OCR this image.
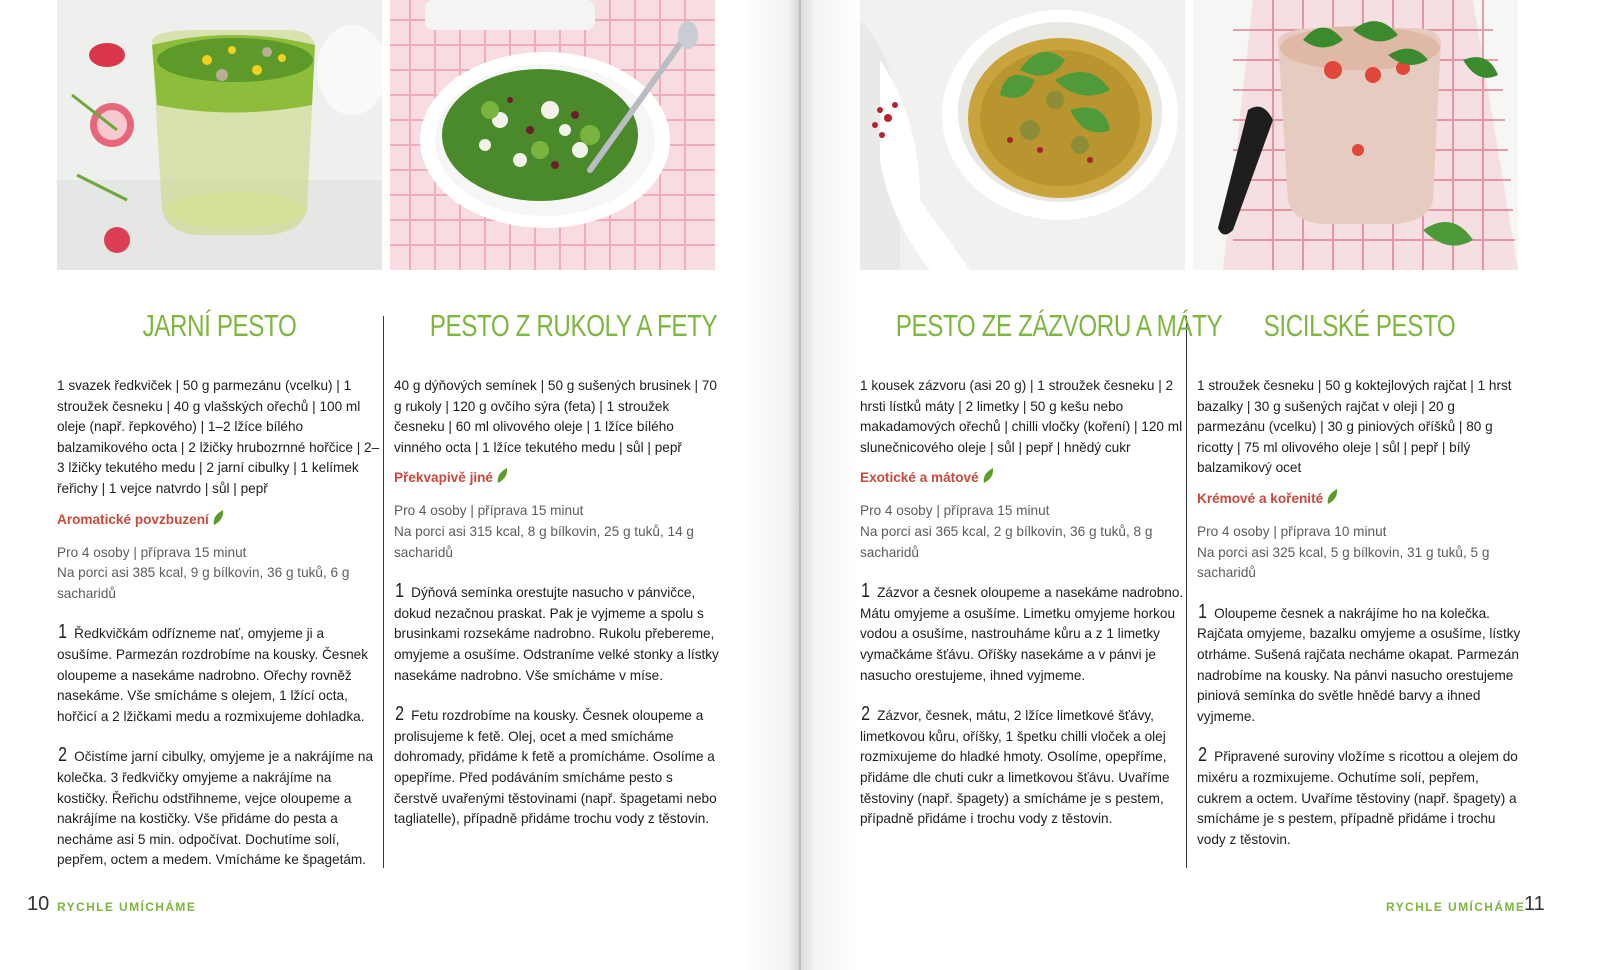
JARNÍ PESTO

1 svazek ředkviček | 50 g parmezánu (vcelku) | 1 stroužek česneku | 40 g vlašských ořechů | 100 ml oleje (např. řepkového) | 1–2 lžíce bílého balzamikového octa | 2 lžičky hrubozrnné hořčice | 2–3 lžičky tekutého medu | 2 jarní cibulky | 1 kelímek řeřichy | 1 vejce natvrdo | sůl | pepř

Aromatické povzbuzení

Pro 4 osoby | příprava 15 minut
Na porci asi 385 kcal, 9 g bílkovin, 36 g tuků, 6 g sacharidů

1 Ředkvičkám odřízneme nať, omyjeme ji a osušíme. Parmezán rozdrobíme na kousky. Česnek oloupeme a nasekáme nadrobno. Ořechy rovněž nasekáme. Vše smícháme s olejem, 1 lžící octa, hořčicí a 2 lžičkami medu a rozmixujeme dohladka.

2 Očistíme jarní cibulky, omyjeme je a nakrájíme na kolečka. 3 ředkvičky omyjeme a nakrájíme na kostičky. Řeřichu odstřihneme, vejce oloupeme a nakrájíme na kostičky. Vše přidáme do pesta a necháme asi 5 min. odpočívat. Dochutíme solí, pepřem, octem a medem. Vmícháme ke špagetám.

PESTO Z RUKOLY A FETY

40 g dýňových semínek | 50 g sušených brusinek | 70 g rukoly | 120 g ovčího sýra (feta) | 1 stroužek česneku | 60 ml olivového oleje | 1 lžíce bílého vinného octa | 1 lžíce tekutého medu | sůl | pepř

Překvapivě jiné

Pro 4 osoby | příprava 15 minut
Na porci asi 315 kcal, 8 g bílkovin, 25 g tuků, 14 g sacharidů

1 Dýňová semínka orestujte nasucho v pánvičce, dokud nezačnou praskat. Pak je vyjmeme a spolu s brusinkami rozsekáme nadrobno. Rukolu přebereme, omyjeme a osušíme. Odstraníme velké stonky a lístky nasekáme nadrobno. Vše smícháme v míse.

2 Fetu rozdrobíme na kousky. Česnek oloupeme a prolisujeme k fetě. Olej, ocet a med smícháme dohromady, přidáme k fetě a promícháme. Osolíme a opepříme. Před podáváním smícháme pesto s čerstvě uvařenými těstovinami (např. špagetami nebo tagliatelle), případně přidáme trochu vody z těstovin.

PESTO ZE ZÁZVORU A MÁTY

1 kousek zázvoru (asi 20 g) | 1 stroužek česneku | 2 hrsti lístků máty | 2 limetky | 50 g kešu nebo makadamových ořechů | chilli vločky (koření) | 120 ml slunečnicového oleje | sůl | pepř | hnědý cukr

Exotické a mátové

Pro 4 osoby | příprava 15 minut
Na porci asi 365 kcal, 2 g bílkovin, 36 g tuků, 8 g sacharidů

1 Zázvor a česnek oloupeme a nasekáme nadrobno. Mátu omyjeme a osušíme. Limetku omyjeme horkou vodou a osušíme, nastrouháme kůru a z 1 limetky vymačkáme šťávu. Oříšky nasekáme a v pánvi je nasucho orestujeme, ihned vyjmeme.

2 Zázvor, česnek, mátu, 2 lžíce limetkové šťávy, limetkovou kůru, oříšky, 1 špetku chilli vloček a olej rozmixujeme do hladké hmoty. Osolíme, opepříme, přidáme dle chuti cukr a limetkovou šťávu. Uvaříme těstoviny (např. špagety) a smícháme je s pestem, případně přidáme i trochu vody z těstovin.

SICILSKÉ PESTO

1 stroužek česneku | 50 g koktejlových rajčat | 1 hrst bazalky | 30 g sušených rajčat v oleji | 20 g parmezánu (vcelku) | 30 g piniových oříšků | 80 g ricotty | 75 ml olivového oleje | sůl | pepř | bílý balzamikový ocet

Krémové a kořenité

Pro 4 osoby | příprava 10 minut
Na porci asi 325 kcal, 5 g bílkovin, 31 g tuků, 5 g sacharidů

1 Oloupeme česnek a nakrájíme ho na kolečka. Rajčata omyjeme, bazalku omyjeme a osušíme, lístky otrháme. Sušená rajčata necháme okapat. Parmezán nadrobíme na kousky. Na pánvi nasucho orestujeme piniová semínka do světle hnědé barvy a ihned vyjmeme.

2 Připravené suroviny vložíme s ricottou a olejem do mixéru a rozmixujeme. Ochutíme solí, pepřem, cukrem a octem. Uvaříme těstoviny (např. špagety) a smícháme je s pestem, případně přidáme i trochu vody z těstovin.

10 RYCHLE UMÍCHÁME	RYCHLE UMÍCHÁME
11
